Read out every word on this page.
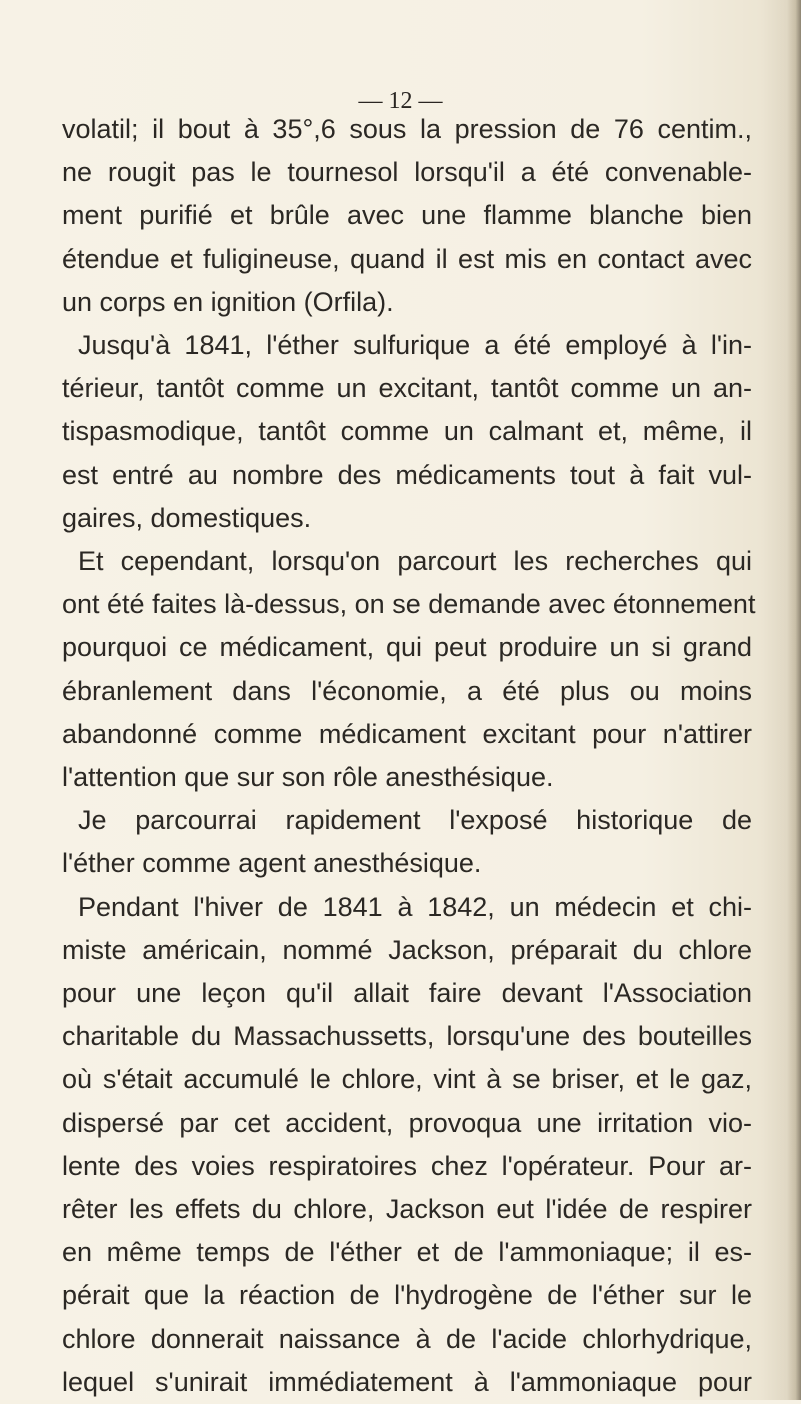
— 12 —
volatil; il bout à 35°,6 sous la pression de 76 centim.,
ne rougit pas le tournesol lorsqu'il a été convenable-
ment purifié et brûle avec une flamme blanche bien
étendue et fuligineuse, quand il est mis en contact avec
un corps en ignition (Orfila).
Jusqu'à 1841, l'éther sulfurique a été employé à l'in-
térieur, tantôt comme un excitant, tantôt comme un an-
tispasmodique, tantôt comme un calmant et, même, il
est entré au nombre des médicaments tout à fait vul-
gaires, domestiques.
Et cependant, lorsqu'on parcourt les recherches qui
ont été faites là-dessus, on se demande avec étonnement
pourquoi ce médicament, qui peut produire un si grand
ébranlement dans l'économie, a été plus ou moins
abandonné comme médicament excitant pour n'attirer
l'attention que sur son rôle anesthésique.
Je parcourrai rapidement l'exposé historique de
l'éther comme agent anesthésique.
Pendant l'hiver de 1841 à 1842, un médecin et chi-
miste américain, nommé Jackson, préparait du chlore
pour une leçon qu'il allait faire devant l'Association
charitable du Massachussetts, lorsqu'une des bouteilles
où s'était accumulé le chlore, vint à se briser, et le gaz,
dispersé par cet accident, provoqua une irritation vio-
lente des voies respiratoires chez l'opérateur. Pour ar-
rêter les effets du chlore, Jackson eut l'idée de respirer
en même temps de l'éther et de l'ammoniaque; il es-
pérait que la réaction de l'hydrogène de l'éther sur le
chlore donnerait naissance à de l'acide chlorhydrique,
lequel s'unirait immédiatement à l'ammoniaque pour
